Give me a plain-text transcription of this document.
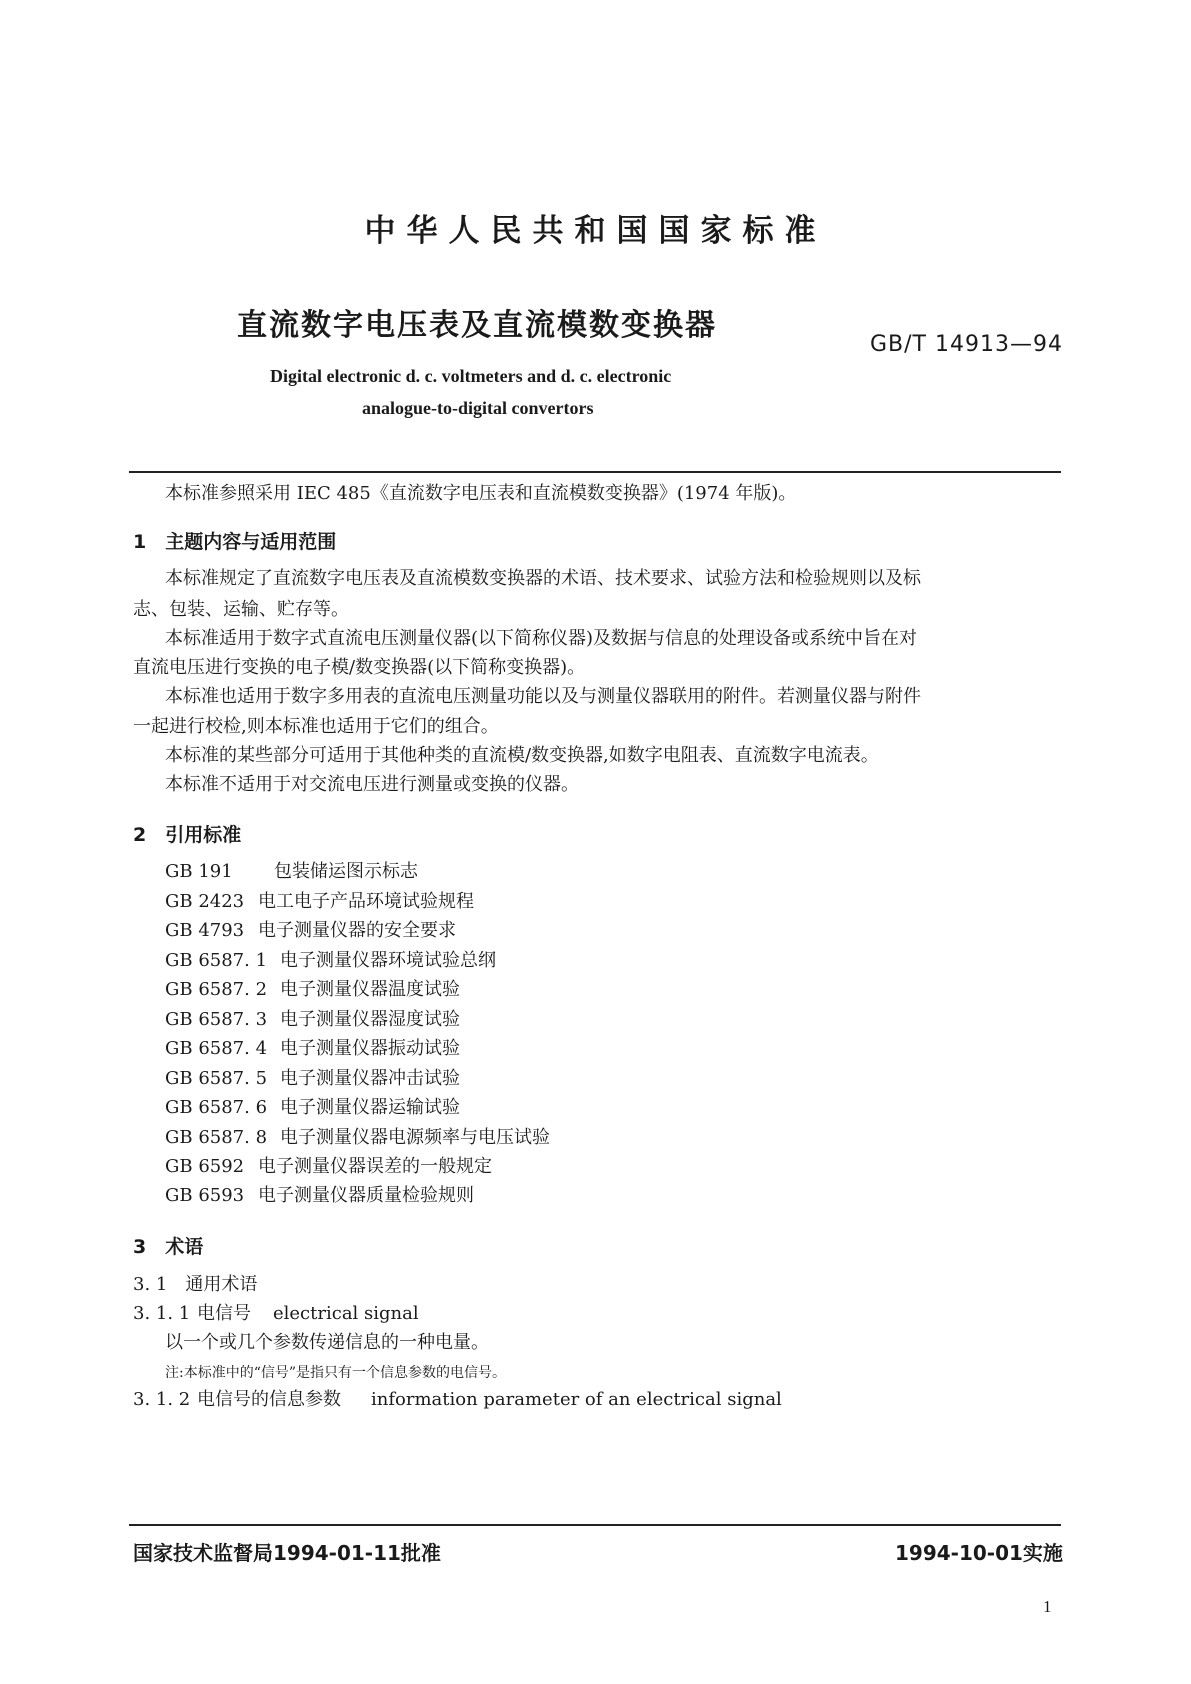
中华人民共和国国家标准
直流数字电压表及直流模数变换器
GB/T 14913—94
Digital electronic d. c. voltmeters and d. c. electronic
analogue-to-digital convertors
本标准参照采用 IEC 485《直流数字电压表和直流模数变换器》(1974 年版)。
1　主题内容与适用范围
本标准规定了直流数字电压表及直流模数变换器的术语、技术要求、试验方法和检验规则以及标
志、包装、运输、贮存等。
本标准适用于数字式直流电压测量仪器(以下简称仪器)及数据与信息的处理设备或系统中旨在对
直流电压进行变换的电子模/数变换器(以下简称变换器)。
本标准也适用于数字多用表的直流电压测量功能以及与测量仪器联用的附件。若测量仪器与附件
一起进行校检,则本标准也适用于它们的组合。
本标准的某些部分可适用于其他种类的直流模/数变换器,如数字电阻表、直流数字电流表。
本标准不适用于对交流电压进行测量或变换的仪器。
2　引用标准
GB 191 包装储运图示标志
GB 2423 电工电子产品环境试验规程
GB 4793 电子测量仪器的安全要求
GB 6587. 1 电子测量仪器环境试验总纲
GB 6587. 2 电子测量仪器温度试验
GB 6587. 3 电子测量仪器湿度试验
GB 6587. 4 电子测量仪器振动试验
GB 6587. 5 电子测量仪器冲击试验
GB 6587. 6 电子测量仪器运输试验
GB 6587. 8 电子测量仪器电源频率与电压试验
GB 6592 电子测量仪器误差的一般规定
GB 6593 电子测量仪器质量检验规则
3　术语
3. 1　通用术语
3. 1. 1 电信号 electrical signal
以一个或几个参数传递信息的一种电量。
注:本标准中的“信号”是指只有一个信息参数的电信号。
3. 1. 2 电信号的信息参数 information parameter of an electrical signal
国家技术监督局1994-01-11批准	1994-10-01实施
1
